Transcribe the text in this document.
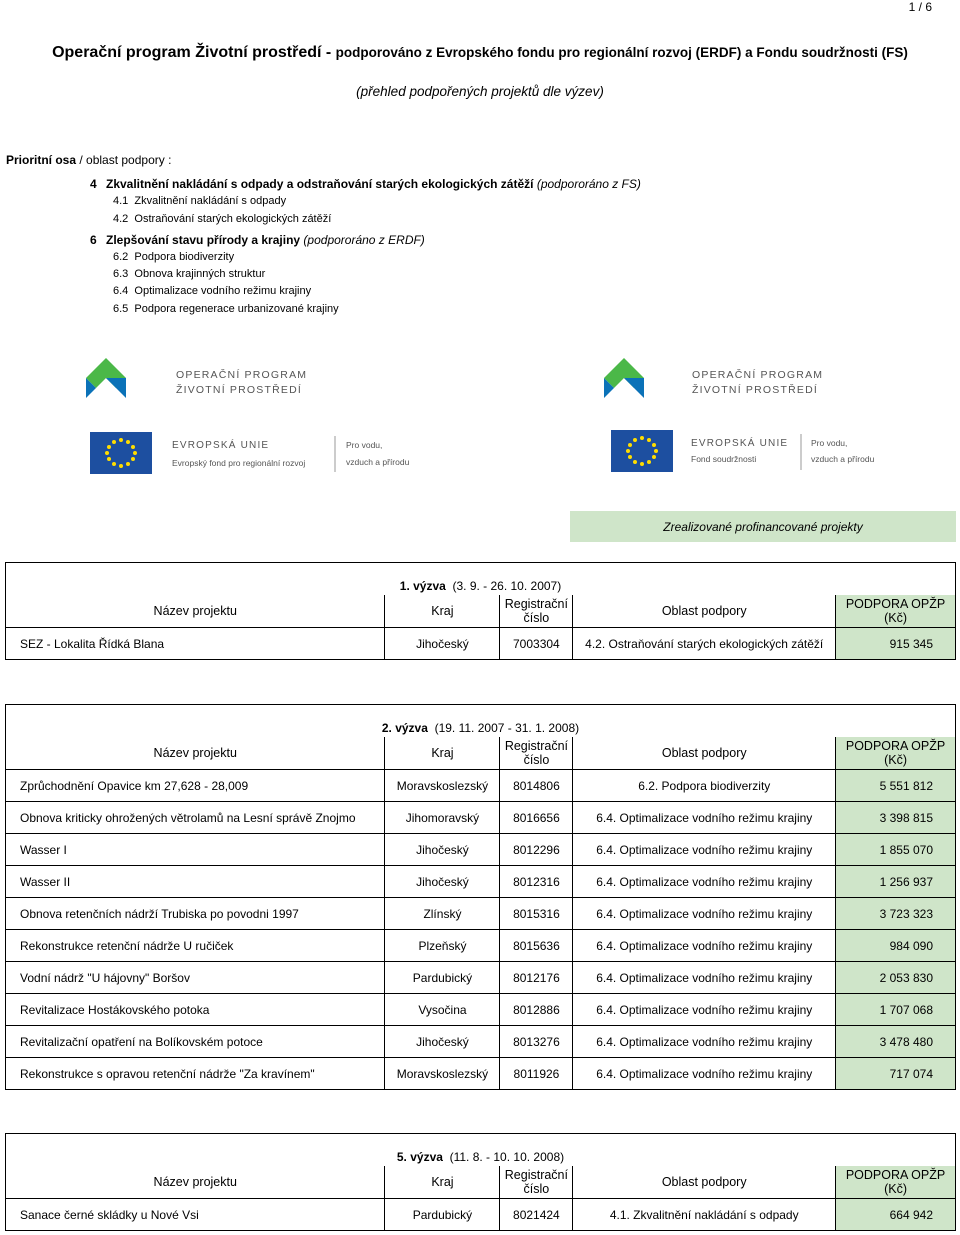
1 / 6
Operační program Životní prostředí - podporováno z Evropského fondu pro regionální rozvoj (ERDF) a Fondu soudržnosti (FS)
(přehled podpořených projektů dle výzev)
Prioritní osa / oblast podpory :
4 Zkvalitnění nakládání s odpady a odstraňování starých ekologických zátěží (podpororáno z FS)
4.1 Zkvalitnění nakládání s odpady
4.2 Ostraňování starých ekologických zátěží
6 Zlepšování stavu přírody a krajiny (podpororáno z ERDF)
6.2 Podpora biodiverzity
6.3 Obnova krajinných struktur
6.4 Optimalizace vodního režimu krajiny
6.5 Podpora regenerace urbanizované krajiny
OPERAČNÍ PROGRAM
ŽIVOTNÍ PROSTŘEDÍ
OPERAČNÍ PROGRAM
ŽIVOTNÍ PROSTŘEDÍ
EVROPSKÁ UNIE
Evropský fond pro regionální rozvoj
Pro vodu,
vzduch a přírodu
EVROPSKÁ UNIE
Fond soudržnosti
Pro vodu,
vzduch a přírodu
Zrealizované profinancované projekty
1. výzva (3. 9. - 26. 10. 2007)				
Název projektu	Kraj	Registrační
číslo	Oblast podpory	PODPORA OPŽP
(Kč)
SEZ - Lokalita Řídká Blana	Jihočeský	7003304	4.2. Ostraňování starých ekologických zátěží	915 345
2. výzva (19. 11. 2007 - 31. 1. 2008)				
Název projektu	Kraj	Registrační
číslo	Oblast podpory	PODPORA OPŽP
(Kč)
Zprůchodnění Opavice km 27,628 - 28,009	Moravskoslezský	8014806	6.2. Podpora biodiverzity	5 551 812
Obnova kriticky ohrožených větrolamů na Lesní správě Znojmo	Jihomoravský	8016656	6.4. Optimalizace vodního režimu krajiny	3 398 815
Wasser I	Jihočeský	8012296	6.4. Optimalizace vodního režimu krajiny	1 855 070
Wasser II	Jihočeský	8012316	6.4. Optimalizace vodního režimu krajiny	1 256 937
Obnova retenčních nádrží Trubiska po povodni 1997	Zlínský	8015316	6.4. Optimalizace vodního režimu krajiny	3 723 323
Rekonstrukce retenční nádrže U ručiček	Plzeňský	8015636	6.4. Optimalizace vodního režimu krajiny	984 090
Vodní nádrž "U hájovny" Boršov	Pardubický	8012176	6.4. Optimalizace vodního režimu krajiny	2 053 830
Revitalizace Hostákovského potoka	Vysočina	8012886	6.4. Optimalizace vodního režimu krajiny	1 707 068
Revitalizační opatření na Bolíkovském potoce	Jihočeský	8013276	6.4. Optimalizace vodního režimu krajiny	3 478 480
Rekonstrukce s opravou retenční nádrže "Za kravínem"	Moravskoslezský	8011926	6.4. Optimalizace vodního režimu krajiny	717 074
5. výzva (11. 8. - 10. 10. 2008)				
Název projektu	Kraj	Registrační
číslo	Oblast podpory	PODPORA OPŽP
(Kč)
Sanace černé skládky u Nové Vsi	Pardubický	8021424	4.1. Zkvalitnění nakládání s odpady	664 942
